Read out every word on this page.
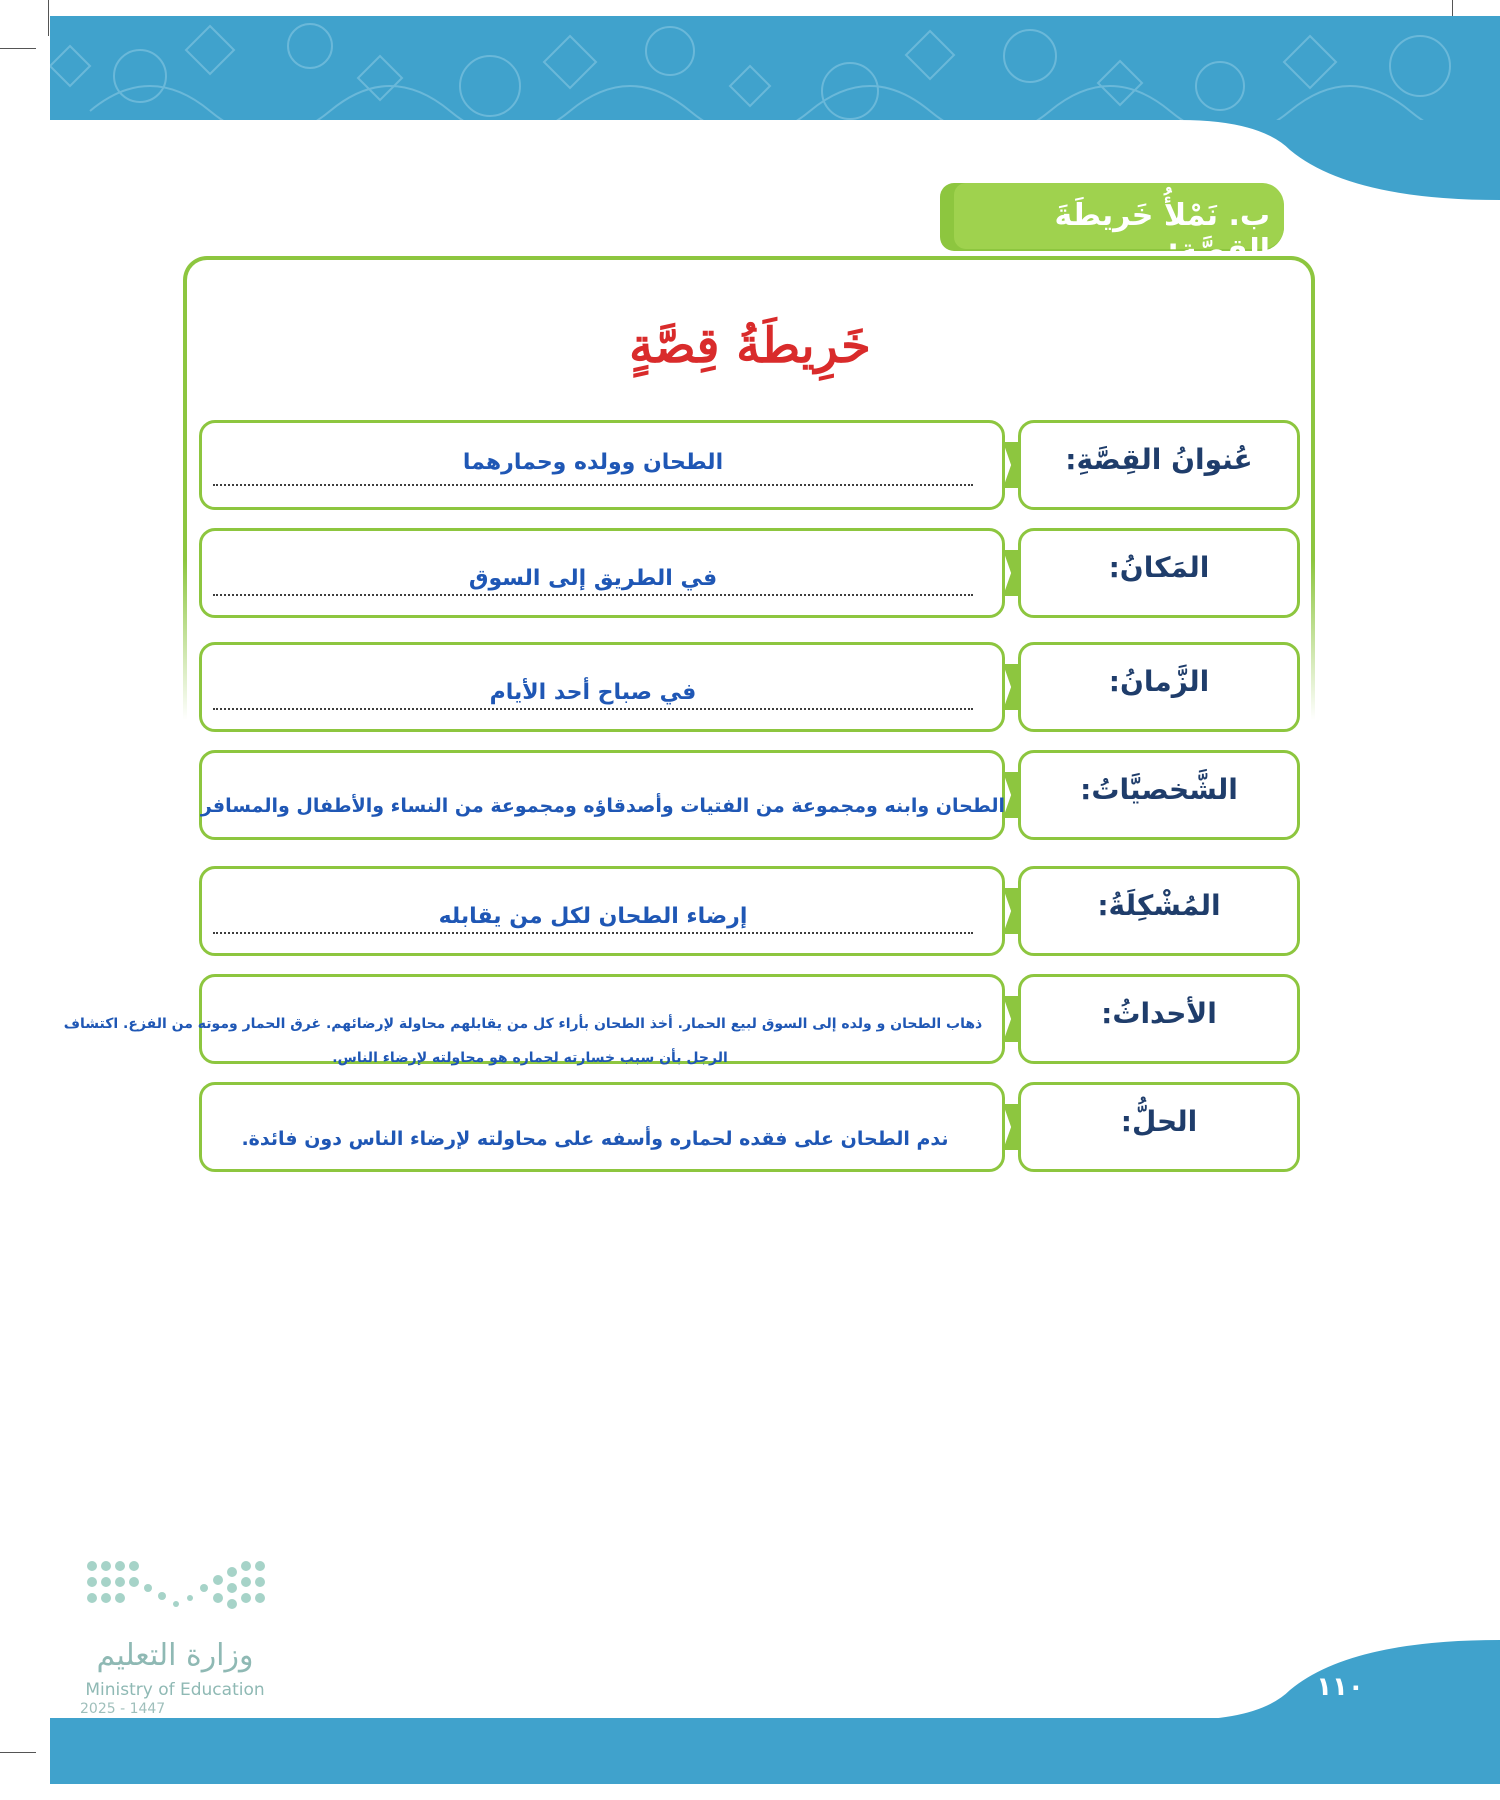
ب. نَمْلأُ خَريطَةَ القصَّةِ:
خَرِيطَةُ قِصَّةٍ
عُنوانُ القِصَّةِ:
الطحان وولده وحمارهما
المَكانُ:
في الطريق إلى السوق
الزَّمانُ:
في صباح أحد الأيام
الشَّخصيَّاتُ:
الطحان وابنه ومجموعة من الفتيات وأصدقاؤه ومجموعة من النساء والأطفال والمسافر
المُشْكِلَةُ:
إرضاء الطحان لكل من يقابله
الأحداثُ:
ذهاب الطحان و ولده إلى السوق لبيع الحمار. أخذ الطحان بأراء كل من يقابلهم محاولة لإرضائهم. غرق الحمار وموته من الفزع. اكتشاف
الرجل بأن سبب خسارته لحماره هو محاولته لإرضاء الناس.
الحلُّ:
ندم الطحان على فقده لحماره وأسفه على محاولته لإرضاء الناس دون فائدة.
وزارة التعليم
Ministry of Education
2025 - 1447
١١٠
